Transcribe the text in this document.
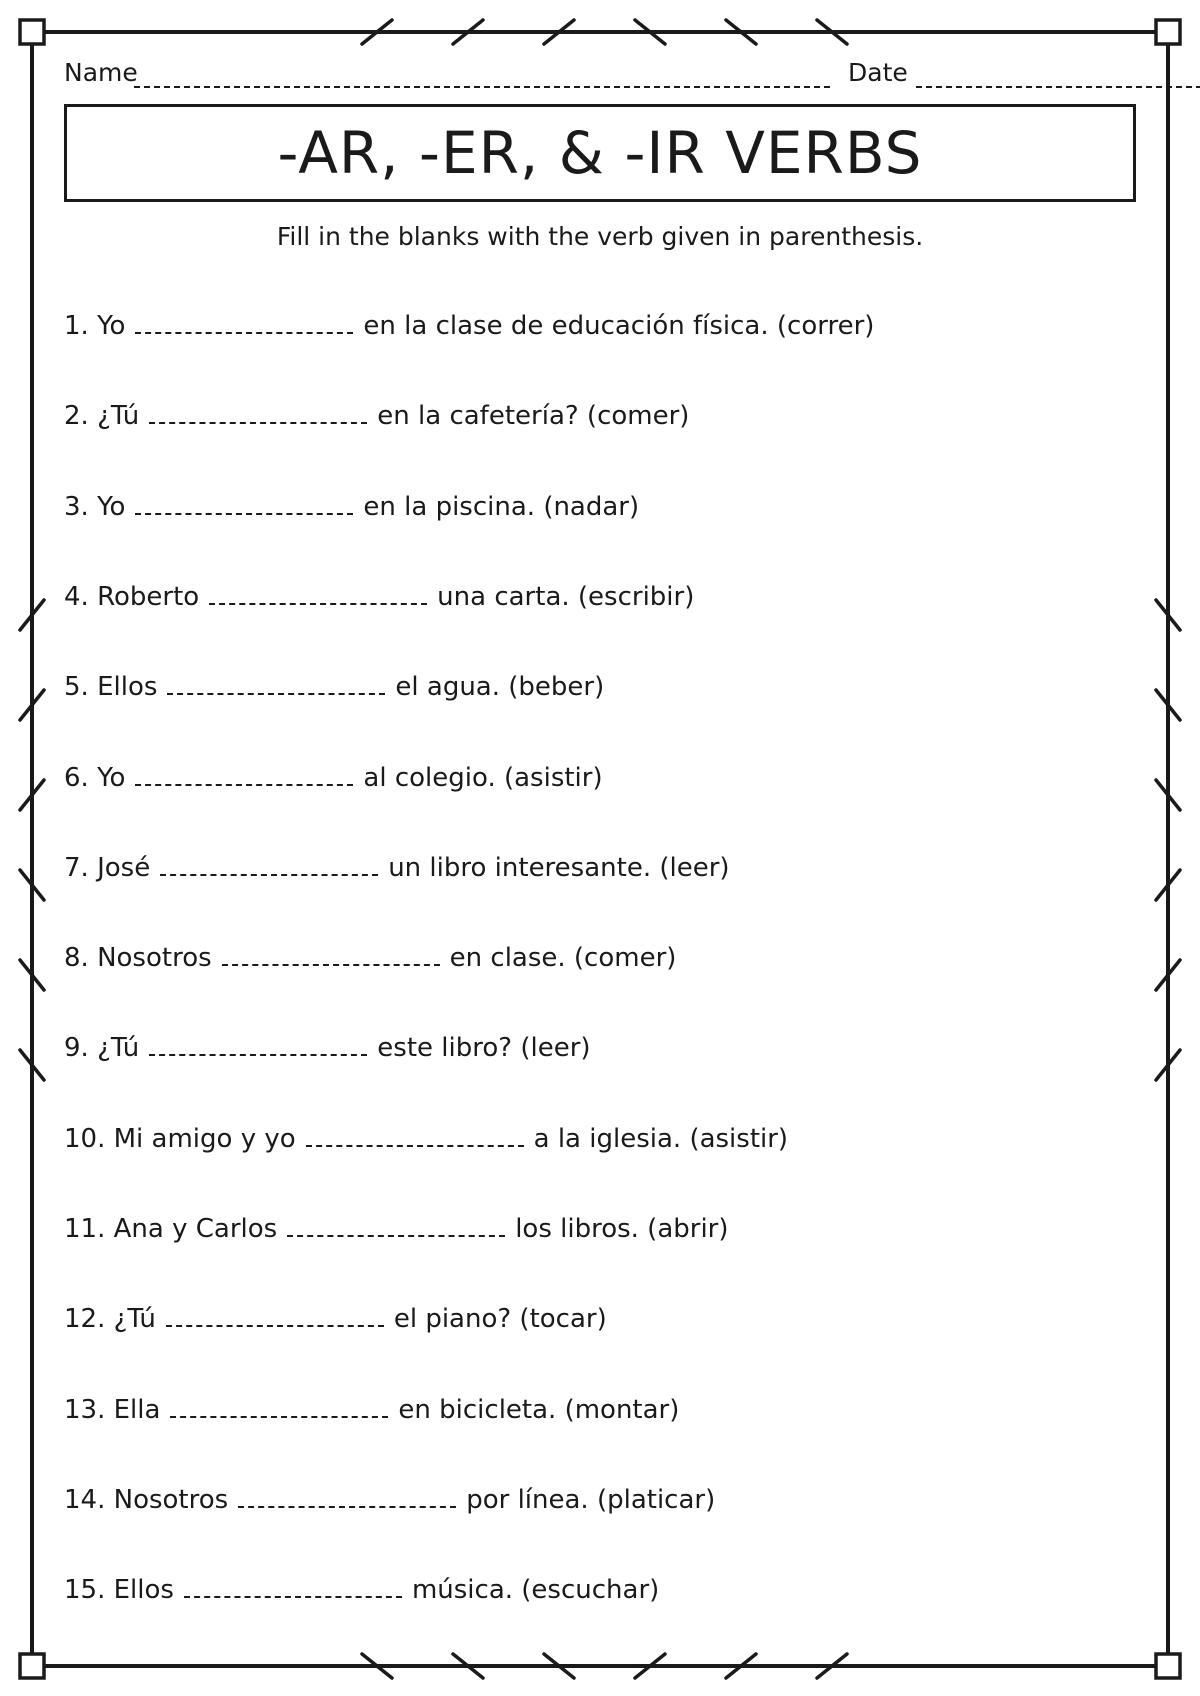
Name	Date
-AR, -ER, & -IR VERBS
Fill in the blanks with the verb given in parenthesis.
1. Yo	en la clase de educación física. (correr)
2. ¿Tú	en la cafetería? (comer)
3. Yo	en la piscina. (nadar)
4. Roberto	una carta. (escribir)
5. Ellos	el agua. (beber)
6. Yo	al colegio. (asistir)
7. José	un libro interesante. (leer)
8. Nosotros	en clase. (comer)
9. ¿Tú	este libro? (leer)
10. Mi amigo y yo	a la iglesia. (asistir)
11. Ana y Carlos	los libros. (abrir)
12. ¿Tú	el piano? (tocar)
13. Ella	en bicicleta. (montar)
14. Nosotros	por línea. (platicar)
15. Ellos	música. (escuchar)
